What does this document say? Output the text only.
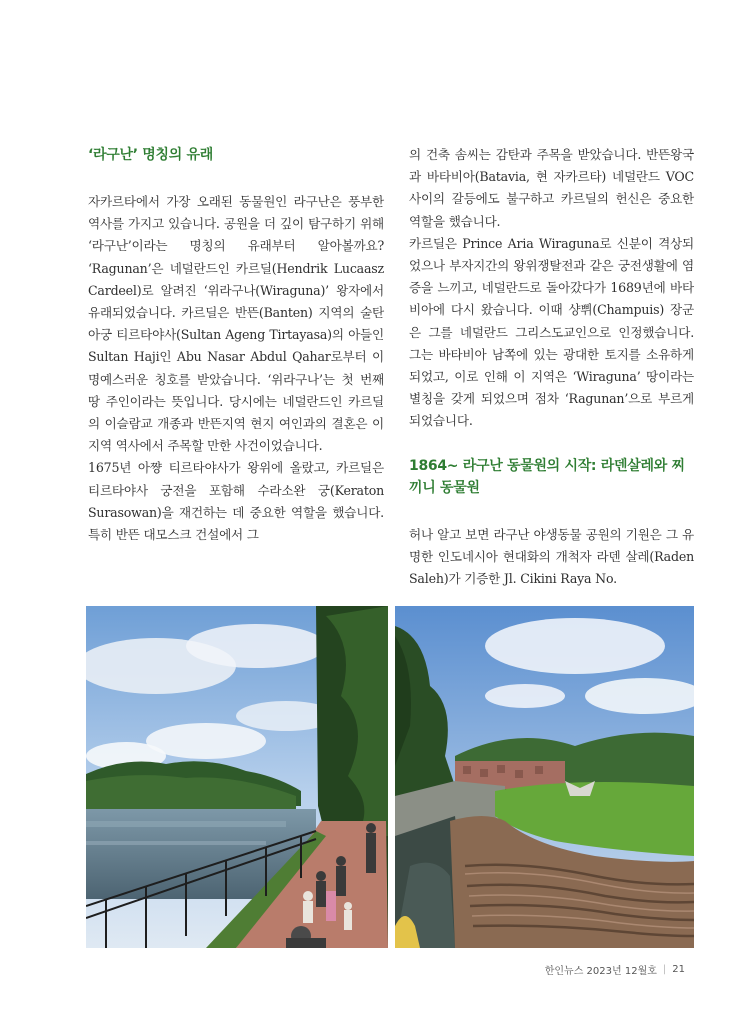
‘라구난’ 명칭의 유래

자카르타에서 가장 오래된 동물원인 라구난은 풍부한 역사를 가지고 있습니다. 공원을 더 깊이 탐구하기 위해 ‘라구난’이라는 명칭의 유래부터 알아볼까요? ‘Ragunan’은 네덜란드인 카르딜(Hendrik Lucaasz Cardeel)로 알려진 ‘위라구나(Wiraguna)’ 왕자에서 유래되었습니다. 카르딜은 반뜬(Banten) 지역의 술탄 아궁 티르타야사(Sultan Ageng Tirtayasa)의 아들인 Sultan Haji인 Abu Nasar Abdul Qahar로부터 이 명예스러운 칭호를 받았습니다. ‘위라구나’는 첫 번째 땅 주인이라는 뜻입니다. 당시에는 네덜란드인 카르딜의 이슬람교 개종과 반뜬지역 현지 여인과의 결혼은 이 지역 역사에서 주목할 만한 사건이었습니다.

1675년 아쨩 티르타야사가 왕위에 올랐고, 카르딜은 티르타야사 궁전을 포함해 수라소완 궁(Keraton Surasowan)을 재건하는 데 중요한 역할을 했습니다. 특히 반뜬 대모스크 건설에서 그

의 건축 솜씨는 감탄과 주목을 받았습니다. 반뜬왕국과 바타비아(Batavia, 현 자카르타) 네덜란드 VOC 사이의 갈등에도 불구하고 카르딜의 헌신은 중요한 역할을 했습니다.

카르딜은 Prince Aria Wiraguna로 신분이 격상되었으나 부자지간의 왕위쟁탈전과 같은 궁전생활에 염증을 느끼고, 네덜란드로 돌아갔다가 1689년에 바타비아에 다시 왔습니다. 이때 샹쀠(Champuis) 장군은 그를 네덜란드 그리스도교인으로 인정했습니다. 그는 바타비아 남쪽에 있는 광대한 토지를 소유하게 되었고, 이로 인해 이 지역은 ‘Wiraguna’ 땅이라는 별칭을 갖게 되었으며 점차 ‘Ragunan’으로 부르게 되었습니다.

1864~ 라구난 동물원의 시작: 라덴살레와 찌끼니 동물원

허나 알고 보면 라구난 야생동물 공원의 기원은 그 유명한 인도네시아 현대화의 개척자 라덴 살레(Raden Saleh)가 기증한 Jl. Cikini Raya No.

한인뉴스 2023년 12월호 | 21
